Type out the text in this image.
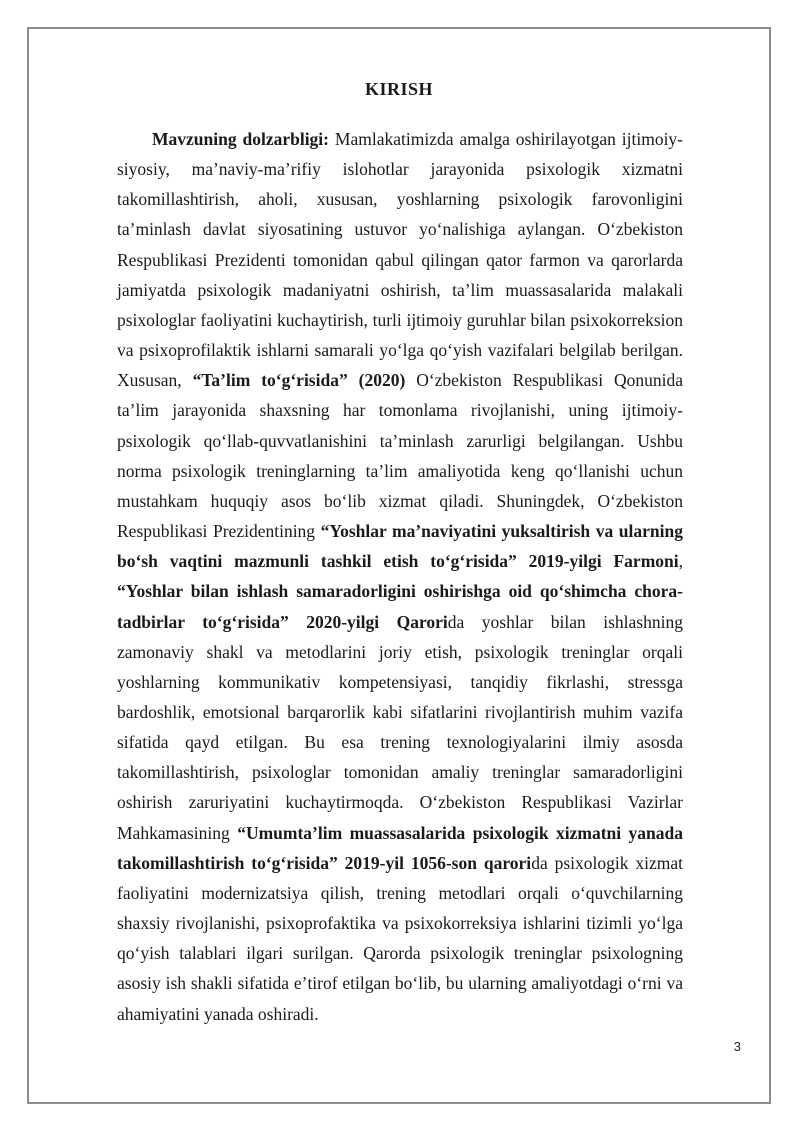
KIRISH

Mavzuning dolzarbligi: Mamlakatimizda amalga oshirilayotgan ijtimoiy-siyosiy, maʼnaviy-maʼrifiy islohotlar jarayonida psixologik xizmatni takomillashtirish, aholi, xususan, yoshlarning psixologik farovonligini taʼminlash davlat siyosatining ustuvor yoʻnalishiga aylangan. Oʻzbekiston Respublikasi Prezidenti tomonidan qabul qilingan qator farmon va qarorlarda jamiyatda psixologik madaniyatni oshirish, taʼlim muassasalarida malakali psixologlar faoliyatini kuchaytirish, turli ijtimoiy guruhlar bilan psixokorreksion va psixoprofilaktik ishlarni samarali yoʻlga qoʻyish vazifalari belgilab berilgan. Xususan, “Taʼlim toʻgʻrisida” (2020) Oʻzbekiston Respublikasi Qonunida taʼlim jarayonida shaxsning har tomonlama rivojlanishi, uning ijtimoiy-psixologik qoʻllab-quvvatlanishini taʼminlash zarurligi belgilangan. Ushbu norma psixologik treninglarning taʼlim amaliyotida keng qoʻllanishi uchun mustahkam huquqiy asos boʻlib xizmat qiladi. Shuningdek, Oʻzbekiston Respublikasi Prezidentining “Yoshlar maʼnaviyatini yuksaltirish va ularning boʻsh vaqtini mazmunli tashkil etish toʻgʻrisida” 2019-yilgi Farmoni, “Yoshlar bilan ishlash samaradorligini oshirishga oid qoʻshimcha chora-tadbirlar toʻgʻrisida” 2020-yilgi Qarorida yoshlar bilan ishlashning zamonaviy shakl va metodlarini joriy etish, psixologik treninglar orqali yoshlarning kommunikativ kompetensiyasi, tanqidiy fikrlashi, stressga bardoshlik, emotsional barqarorlik kabi sifatlarini rivojlantirish muhim vazifa sifatida qayd etilgan. Bu esa trening texnologiyalarini ilmiy asosda takomillashtirish, psixologlar tomonidan amaliy treninglar samaradorligini oshirish zaruriyatini kuchaytirmoqda. Oʻzbekiston Respublikasi Vazirlar Mahkamasining “Umumtaʼlim muassasalarida psixologik xizmatni yanada takomillashtirish toʻgʻrisida” 2019-yil 1056-son qarorida psixologik xizmat faoliyatini modernizatsiya qilish, trening metodlari orqali oʻquvchilarning shaxsiy rivojlanishi, psixoprofaktika va psixokorreksiya ishlarini tizimli yoʻlga qoʻyish talablari ilgari surilgan. Qarorda psixologik treninglar psixologning asosiy ish shakli sifatida eʼtirof etilgan boʻlib, bu ularning amaliyotdagi oʻrni va ahamiyatini yanada oshiradi.

3
